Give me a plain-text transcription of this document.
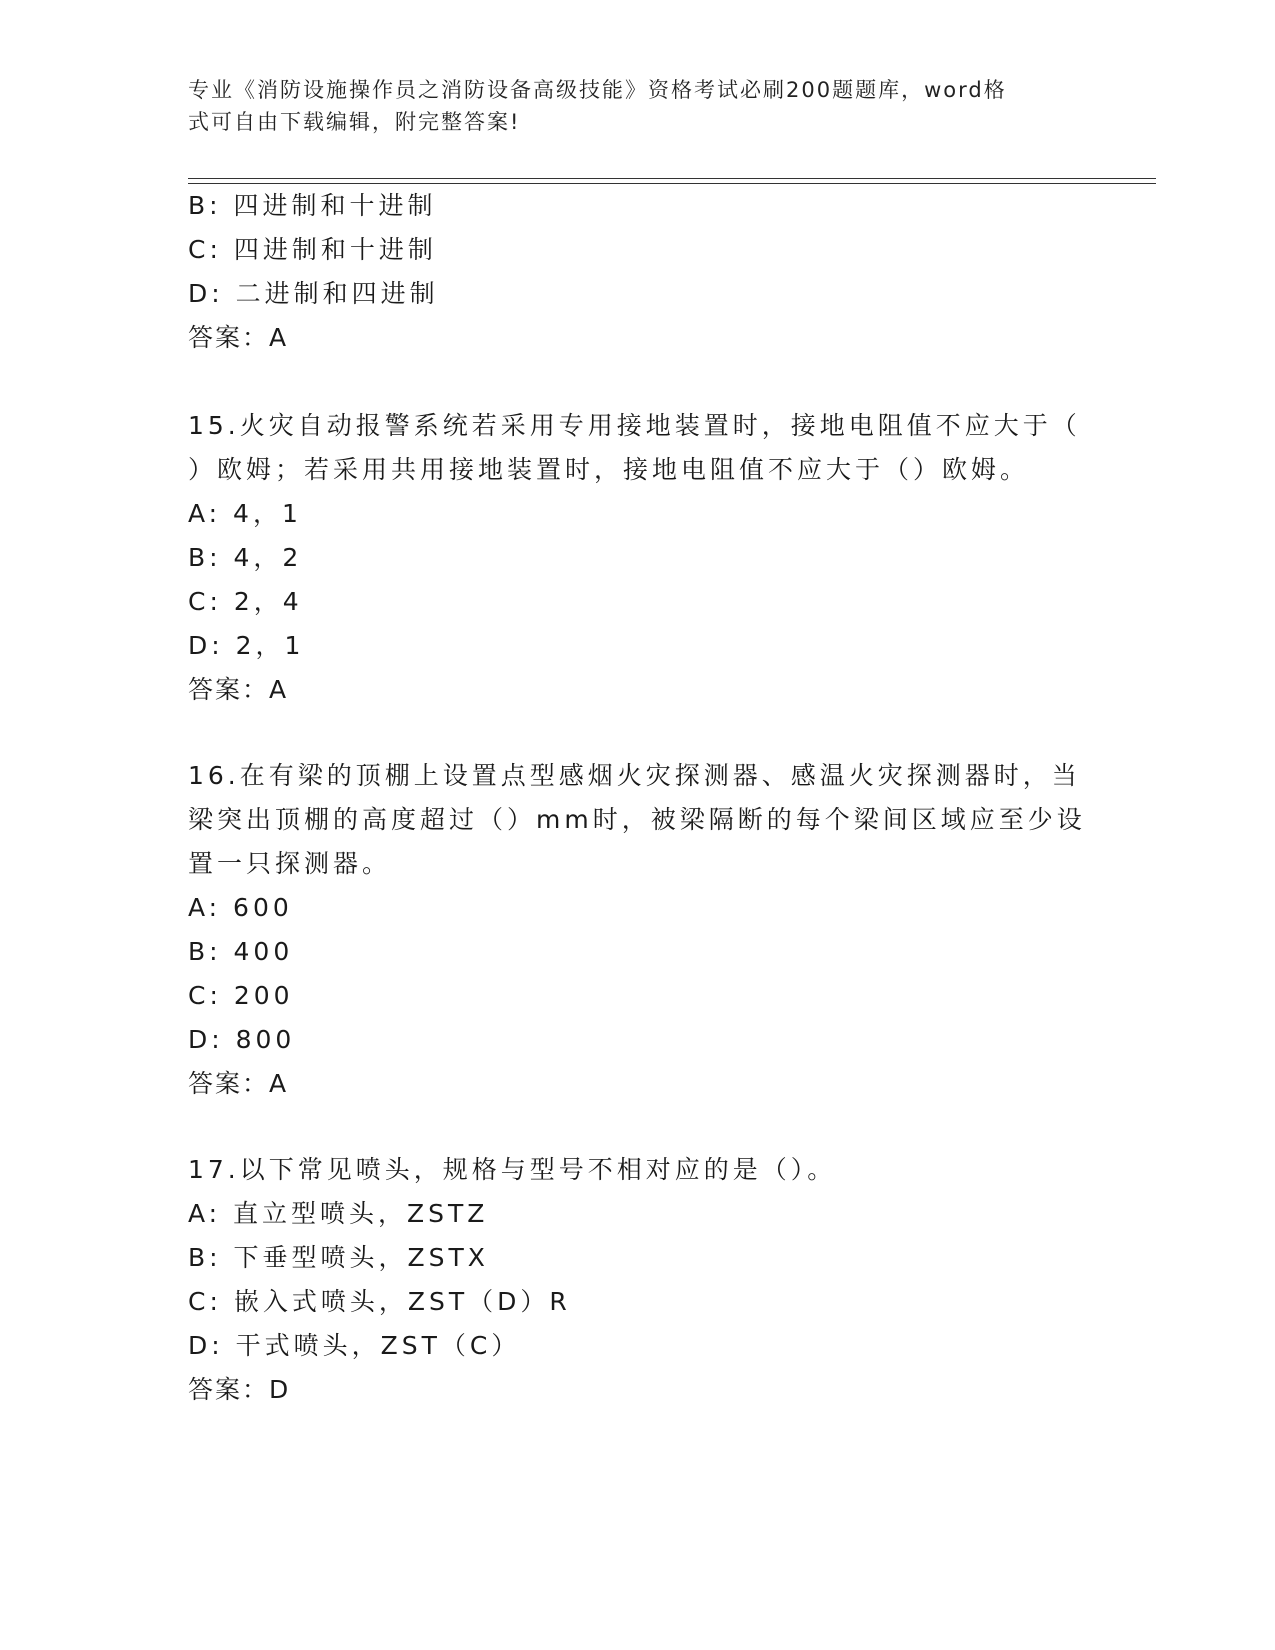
专业《消防设施操作员之消防设备高级技能》资格考试必刷200题题库，word格
式可自由下载编辑，附完整答案!
B: 四进制和十进制
C: 四进制和十进制
D: 二进制和四进制
答案：A
15.火灾自动报警系统若采用专用接地装置时，接地电阻值不应大于（
）欧姆；若采用共用接地装置时，接地电阻值不应大于（）欧姆。
A: 4，1
B: 4，2
C: 2，4
D: 2，1
答案：A
16.在有梁的顶棚上设置点型感烟火灾探测器、感温火灾探测器时，当
梁突出顶棚的高度超过（）mm时，被梁隔断的每个梁间区域应至少设
置一只探测器。
A: 600
B: 400
C: 200
D: 800
答案：A
17.以下常见喷头，规格与型号不相对应的是（）。
A: 直立型喷头，ZSTZ
B: 下垂型喷头，ZSTX
C: 嵌入式喷头，ZST（D）R
D: 干式喷头，ZST（C）
答案：D
